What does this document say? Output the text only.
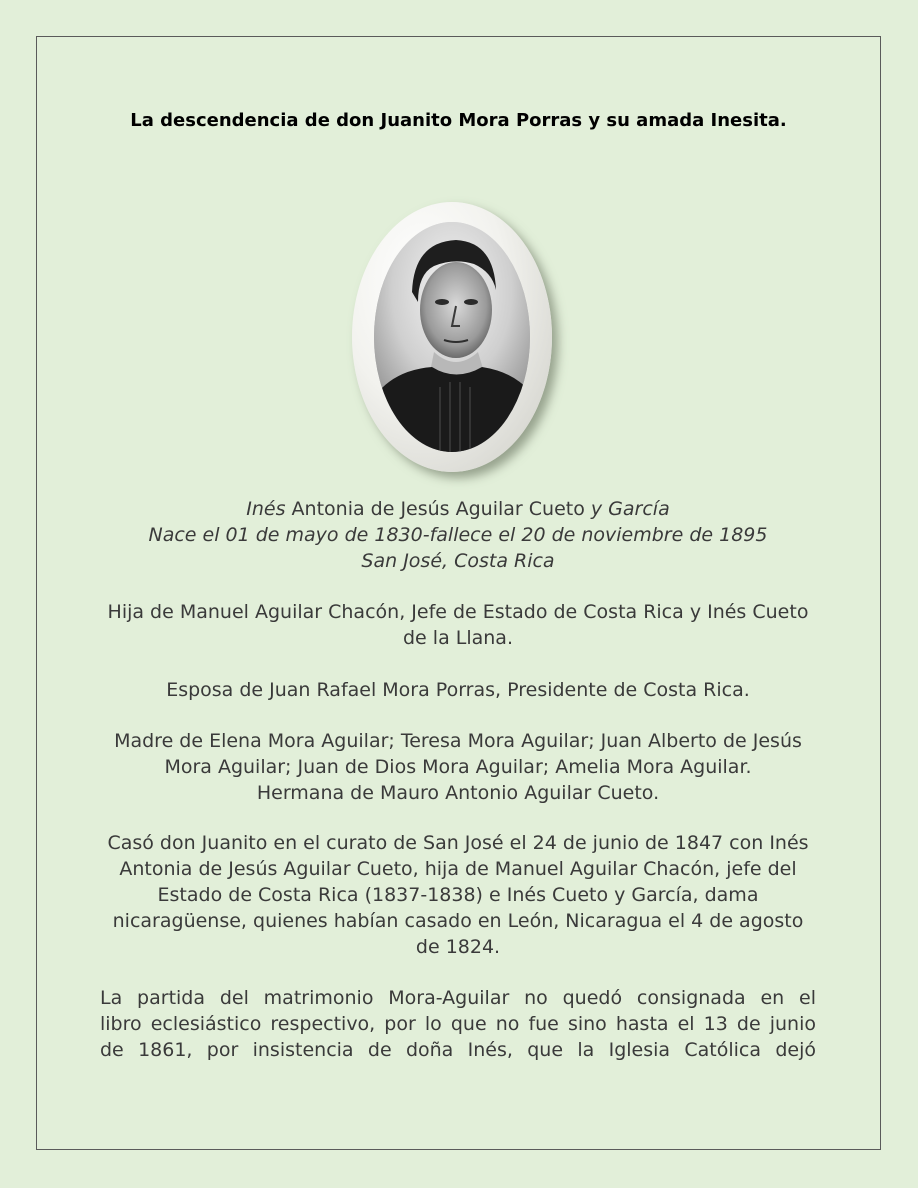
La descendencia de don Juanito Mora Porras y su amada Inesita.

Inés Antonia de Jesús Aguilar Cueto y García

Nace el 01 de mayo de 1830-fallece el 20 de noviembre de 1895

San José, Costa Rica

Hija de Manuel Aguilar Chacón, Jefe de Estado de Costa Rica y Inés Cueto de la Llana.
Esposa de Juan Rafael Mora Porras, Presidente de Costa Rica.
Madre de Elena Mora Aguilar; Teresa Mora Aguilar; Juan Alberto de Jesús Mora Aguilar; Juan de Dios Mora Aguilar; Amelia Mora Aguilar.
Hermana de Mauro Antonio Aguilar Cueto.
Casó don Juanito en el curato de San José el 24 de junio de 1847 con Inés Antonia de Jesús Aguilar Cueto, hija de Manuel Aguilar Chacón, jefe del Estado de Costa Rica (1837-1838) e Inés Cueto y García, dama nicaragüense, quienes habían casado en León, Nicaragua el 4 de agosto de 1824.

La partida del matrimonio Mora-Aguilar no quedó consignada en el

libro eclesiástico respectivo, por lo que no fue sino hasta el 13 de junio

de 1861, por insistencia de doña Inés, que la Iglesia Católica dejó
